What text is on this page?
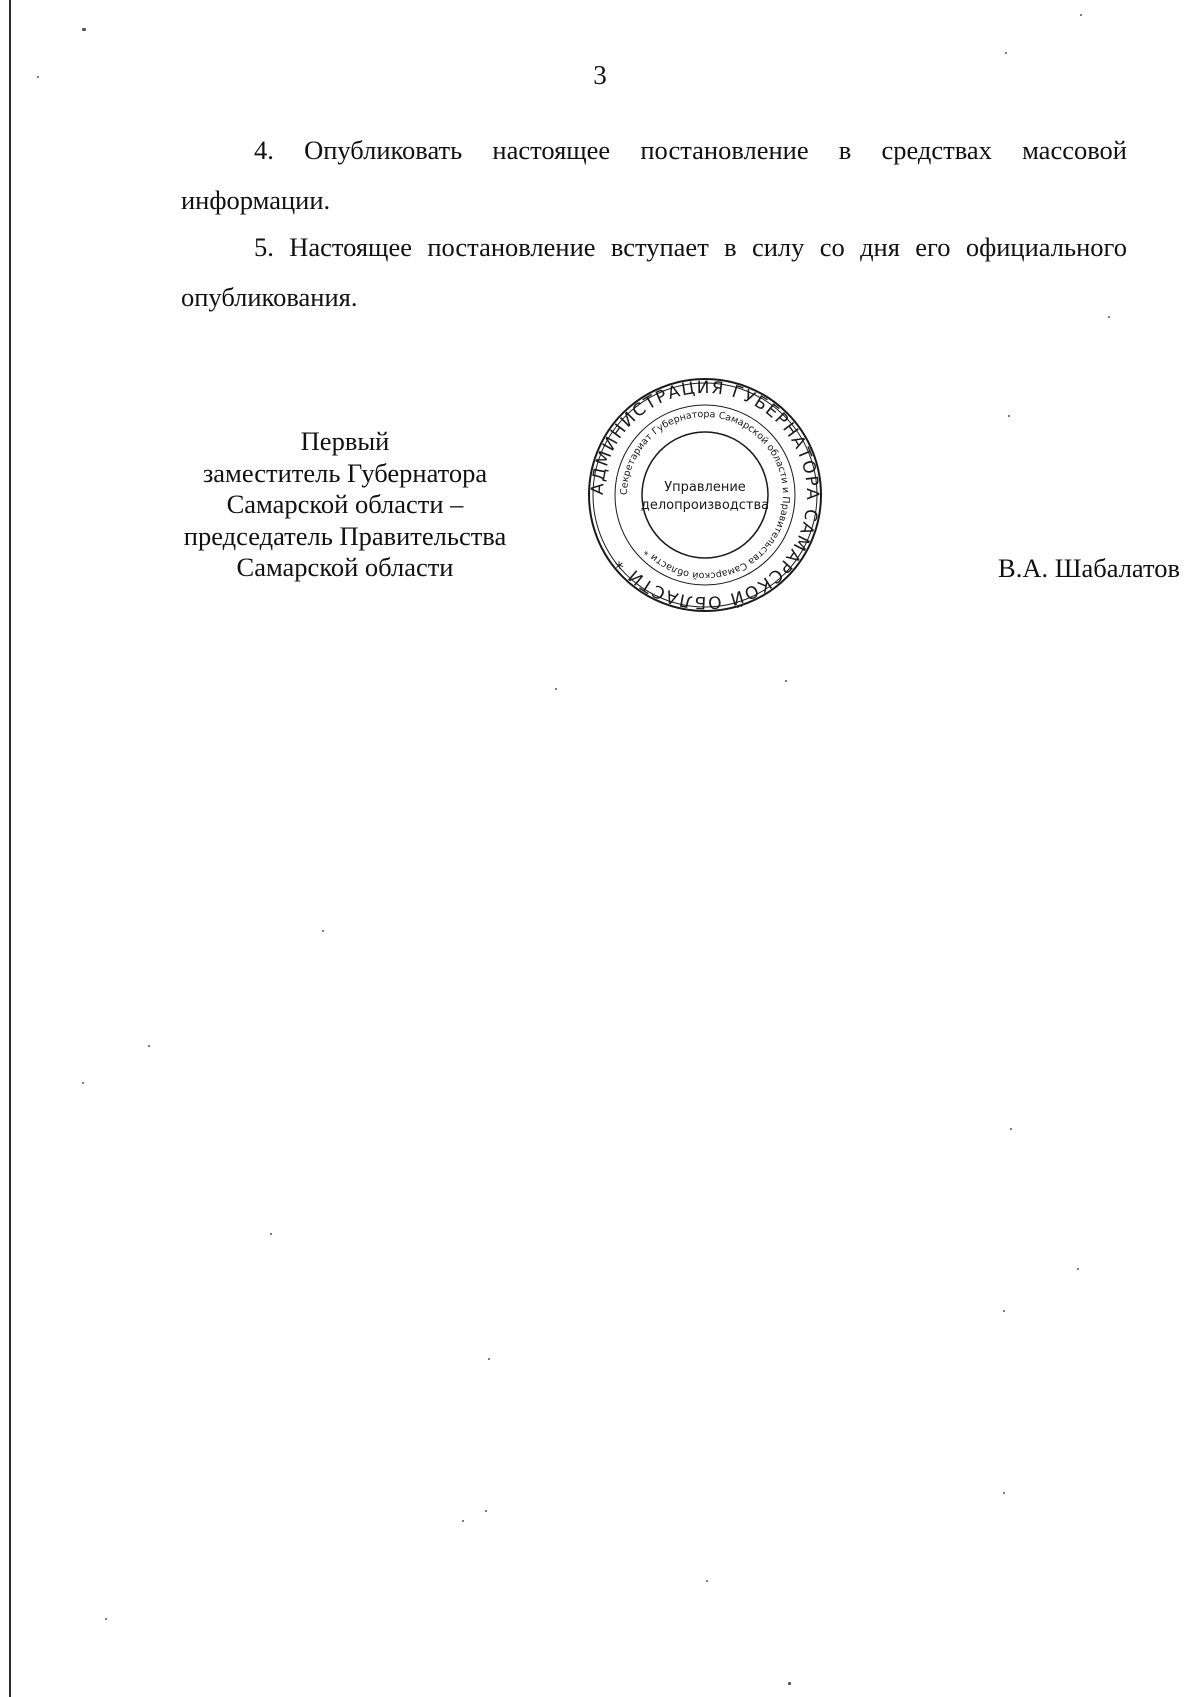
3

4. Опубликовать настоящее постановление в средствах массовой информации.

5. Настоящее постановление вступает в силу со дня его официального опубликования.

Первый
заместитель Губернатора
Самарской области –
председатель Правительства
Самарской области
АДМИНИСТРАЦИЯ ГУБЕРНАТОРА САМАРСКОЙ ОБЛАСТИ *
Секретариат Губернатора Самарской области и Правительства Самарской области *
Управление
делопроизводства
В.А. Шабалатов
